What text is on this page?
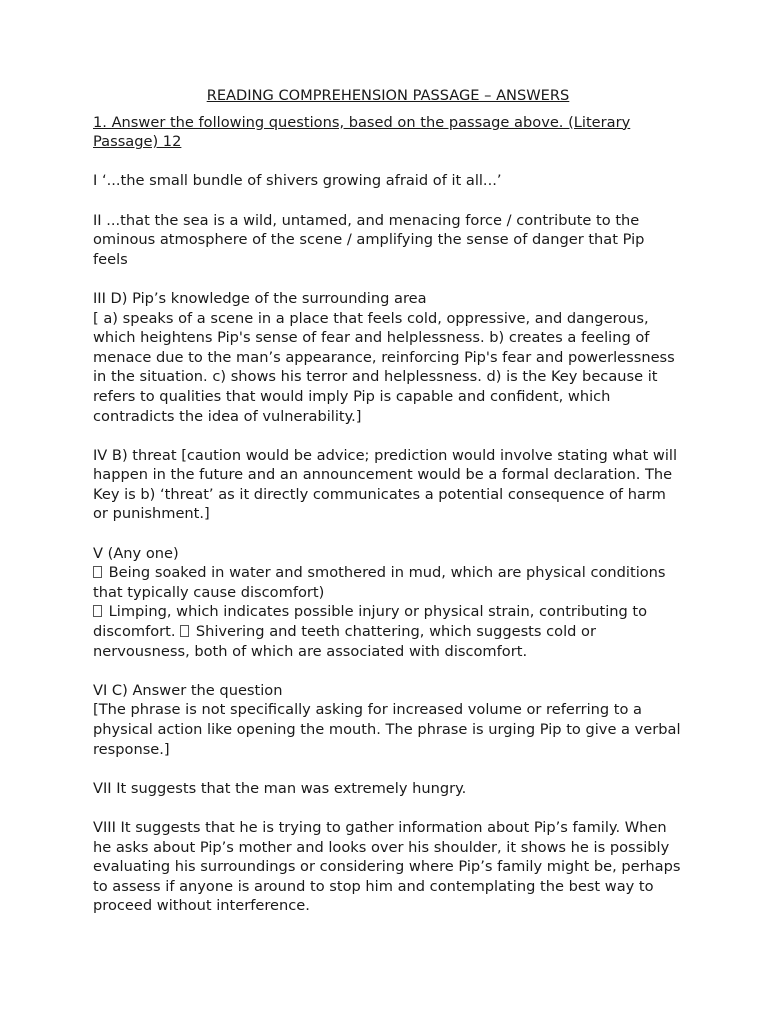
READING COMPREHENSION PASSAGE – ANSWERS
1. Answer the following questions, based on the passage above. (Literary Passage) 12
I ‘...the small bundle of shivers growing afraid of it all...’
II ...that the sea is a wild, untamed, and menacing force / contribute to the ominous atmosphere of the scene / amplifying the sense of danger that Pip feels
III D) Pip’s knowledge of the surrounding area
[ a) speaks of a scene in a place that feels cold, oppressive, and dangerous, which heightens Pip's sense of fear and helplessness. b) creates a feeling of menace due to the man’s appearance, reinforcing Pip's fear and powerlessness in the situation. c) shows his terror and helplessness. d) is the Key because it refers to qualities that would imply Pip is capable and confident, which contradicts the idea of vulnerability.]
IV B) threat [caution would be advice; prediction would involve stating what will happen in the future and an announcement would be a formal declaration. The Key is b) ‘threat’ as it directly communicates a potential consequence of harm or punishment.]
V (Any one)
Being soaked in water and smothered in mud, which are physical conditions that typically cause discomfort)
Limping, which indicates possible injury or physical strain, contributing to discomfort. Shivering and teeth chattering, which suggests cold or nervousness, both of which are associated with discomfort.
VI C) Answer the question
[The phrase is not specifically asking for increased volume or referring to a physical action like opening the mouth. The phrase is urging Pip to give a verbal response.]
VII It suggests that the man was extremely hungry.
VIII It suggests that he is trying to gather information about Pip’s family. When he asks about Pip’s mother and looks over his shoulder, it shows he is possibly evaluating his surroundings or considering where Pip’s family might be, perhaps to assess if anyone is around to stop him and contemplating the best way to proceed without interference.
